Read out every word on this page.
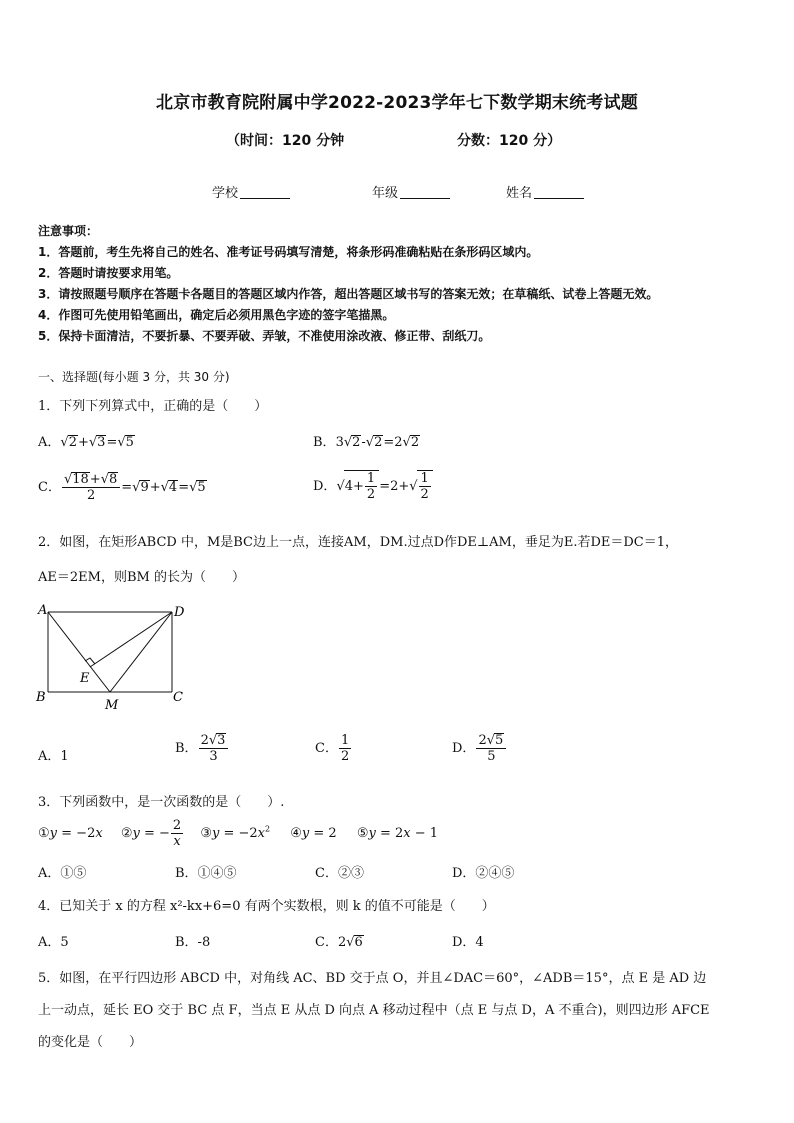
北京市教育院附属中学2022-2023学年七下数学期末统考试题
（时间：120 分钟	分数：120 分）
学校	年级	姓名
注意事项：
1．答题前，考生先将自己的姓名、准考证号码填写清楚，将条形码准确粘贴在条形码区域内。
2．答题时请按要求用笔。
3．请按照题号顺序在答题卡各题目的答题区域内作答，超出答题区域书写的答案无效；在草稿纸、试卷上答题无效。
4．作图可先使用铅笔画出，确定后必须用黑色字迹的签字笔描黑。
5．保持卡面清洁，不要折暴、不要弄破、弄皱，不准使用涂改液、修正带、刮纸刀。
一、选择题(每小题 3 分，共 30 分)
1．下列下列算式中，正确的是（　　）
A．√2+√3=√5	B．3√2-√2=2√2
C． $\frac{√18+√8}{2} =√9+√4=√5$	D．$√4+ \frac{1}{2} =2+√ \frac{1}{2}$
2．如图，在矩形ABCD 中，M是BC边上一点，连接AM，DM.过点D作DE⊥AM，垂足为E.若DE＝DC＝1，
AE＝2EM，则BM 的长为（　　）
A	D
E
B
M
C
A．1
B． $\frac{2√3}{3}$	C． $\frac{1}{2}$	D． $\frac{2√5}{5}$
3．下列函数中，是一次函数的是（　　）.
①y = −2x ②y = − $\frac{2}{x}$ ③y = $-2x^2$ ④y = 2 ⑤y = 2x − 1
A．①⑤	B．①④⑤	C．②③	D．②④⑤
4．已知关于 x 的方程 x²-kx+6=0 有两个实数根，则 k 的值不可能是（　　）
A．5	B．-8	C．2√6	D．4
5．如图，在平行四边形 ABCD 中，对角线 AC、BD 交于点 O，并且∠DAC＝60°，∠ADB＝15°，点 E 是 AD 边
上一动点，延长 EO 交于 BC 点 F，当点 E 从点 D 向点 A 移动过程中（点 E 与点 D，A 不重合)，则四边形 AFCE
的变化是（　　）
